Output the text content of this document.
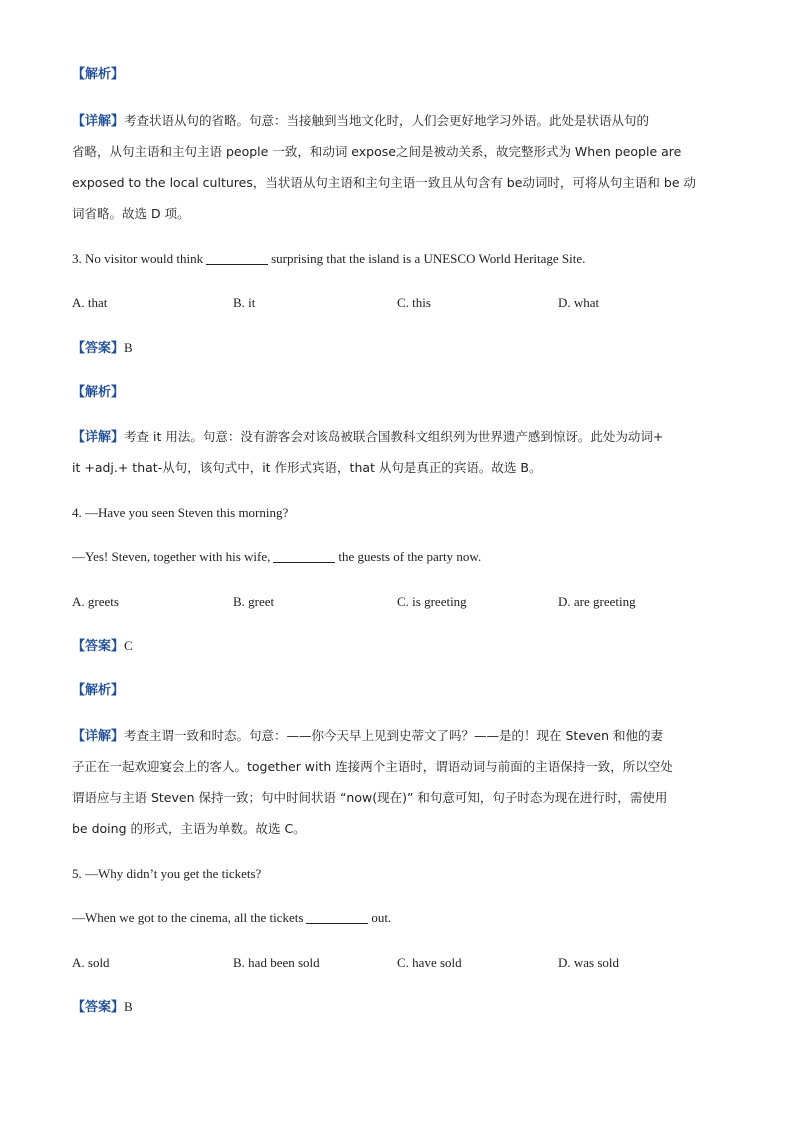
【解析】
【详解】考查状语从句的省略。句意：当接触到当地文化时，人们会更好地学习外语。此处是状语从句的
省略，从句主语和主句主语 people 一致，和动词 expose之间是被动关系，故完整形式为 When people are
exposed to the local cultures，当状语从句主语和主句主语一致且从句含有 be动词时，可将从句主语和 be 动
词省略。故选 D 项。
3. No visitor would think	surprising that the island is a UNESCO World Heritage Site.
A. that	B. it	C. this	D. what
【答案】B
【解析】
【详解】考查 it 用法。句意：没有游客会对该岛被联合国教科文组织列为世界遗产感到惊讶。此处为动词+
it +adj.+ that-从句，该句式中，it 作形式宾语，that 从句是真正的宾语。故选 B。
4. —Have you seen Steven this morning?
—Yes! Steven, together with his wife,	the guests of the party now.
A. greets	B. greet	C. is greeting	D. are greeting
【答案】C
【解析】
【详解】考查主谓一致和时态。句意：——你今天早上见到史蒂文了吗？——是的！现在 Steven 和他的妻
子正在一起欢迎宴会上的客人。together with 连接两个主语时，谓语动词与前面的主语保持一致，所以空处
谓语应与主语 Steven 保持一致；句中时间状语 “now(现在)” 和句意可知，句子时态为现在进行时，需使用
be doing 的形式，主语为单数。故选 C。
5. —Why didn’t you get the tickets?
—When we got to the cinema, all the tickets	out.
A. sold	B. had been sold	C. have sold	D. was sold
【答案】B
